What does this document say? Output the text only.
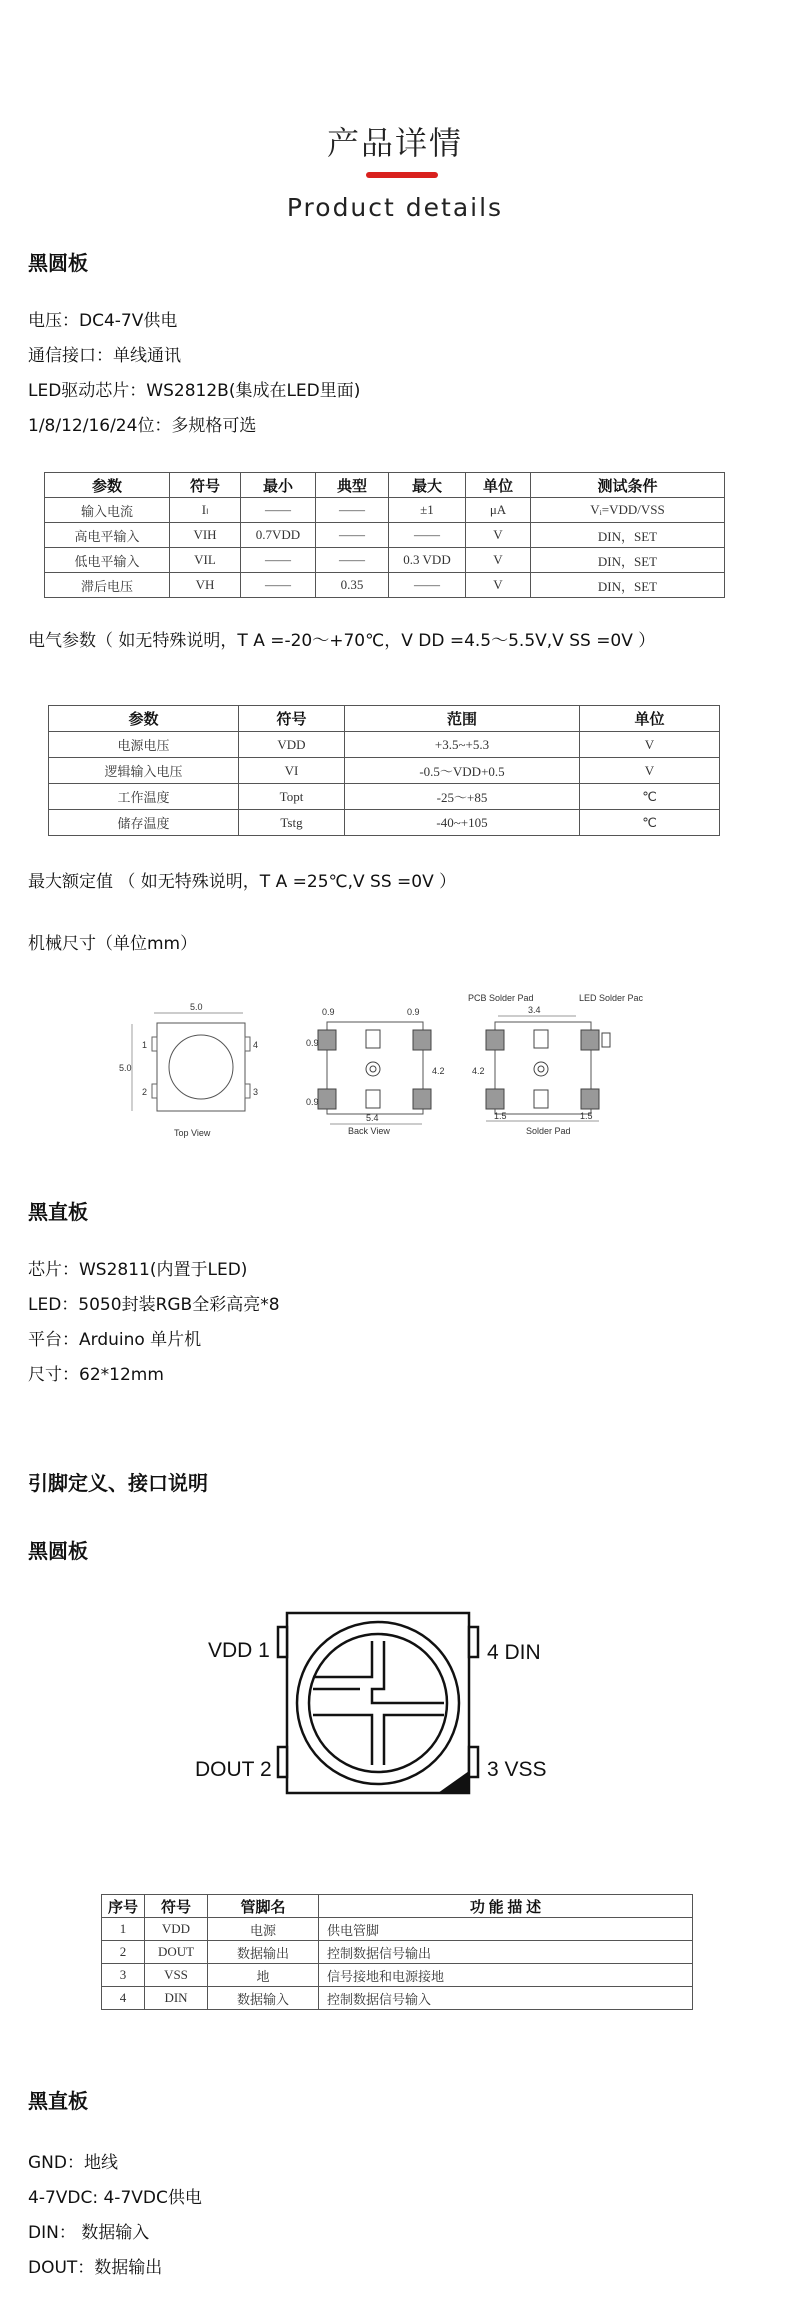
产品详情
Product details
黑圆板
电压：DC4-7V供电
通信接口：单线通讯
LED驱动芯片：WS2812B(集成在LED里面)
1/8/12/16/24位：多规格可选
参数	符号	最小	典型	最大	单位	测试条件
输入电流	Iₗ	——	——	±1	μA	Vᵢ=VDD/VSS
高电平输入	VIH	0.7VDD	——	——	V	DIN，SET
低电平输入	VIL	——	——	0.3 VDD	V	DIN，SET
滞后电压	VH	——	0.35	——	V	DIN，SET
电气参数（ 如无特殊说明，T A =-20～+70℃，V DD =4.5～5.5V,V SS =0V ）
参数	符号	范围	单位
电源电压	VDD	+3.5~+5.3	V
逻辑输入电压	VI	-0.5～VDD+0.5	V
工作温度	Topt	-25～+85	℃
储存温度	Tstg	-40~+105	℃
最大额定值 （ 如无特殊说明，T A =25℃,V SS =0V ）
机械尺寸（单位mm）
5.0
5.0
1	4
2	3
Top View
0.9	0.9
4.2
0.9
0.9
5.4
Back View
PCB Solder Pad	LED Solder Pac
3.4
4.2
1.5	1.5
Solder Pad
黑直板
芯片：WS2811(内置于LED)
LED：5050封装RGB全彩高亮*8
平台：Arduino 单片机
尺寸：62*12mm
引脚定义、接口说明
黑圆板
VDD 1	4 DIN
DOUT 2	3 VSS
序号	符号	管脚名	功 能 描 述
1	VDD	电源	供电管脚
2	DOUT	数据输出	控制数据信号输出
3	VSS	地	信号接地和电源接地
4	DIN	数据输入	控制数据信号输入
黑直板
GND：地线
4-7VDC: 4-7VDC供电
DIN： 数据输入
DOUT：数据输出
